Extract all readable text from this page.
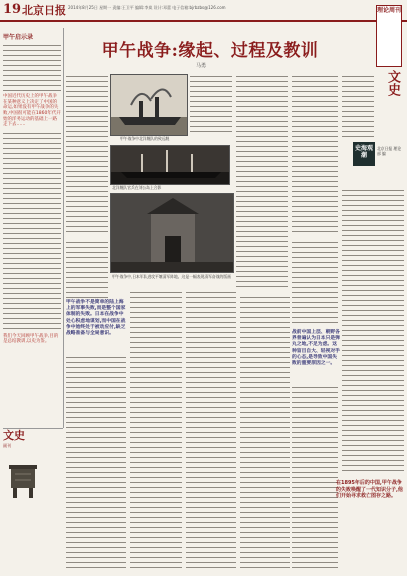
19 北京日报 2014年8月25日 星期一 责编:王卫平 编辑:李岚 设计:邓蕾 电子信箱:bjrbzbs@126.com	理论周刊
文史
甲午战争:缘起、过程及教训
马勇
甲午启示录
中国近代历史上的甲午战争在某种意义上决定了中国的命运,如果没有甲午战争的失败,中国很可能在1860年代开始的洋务运动的基础上一路走下去……
我们今天回顾甲午战争,目的是总结教训,以史为鉴。
甲午战争中北洋舰队的致远舰
北洋舰队官兵在刘公岛上合影
甲午战争中,日本军队进攻平壤清军阵地。这是一幅表现清军奋战的版画
史海观潮
北京日报 理论部 编
甲午战争不是简单的陆上海上的军事失败,而是整个国家体制的失败。日本在战争中处心积虑地谋划,而中国在战争中始终处于被动应付,缺乏战略准备与全局意识。	战前中国上层、朝野各界普遍认为日本只是弹丸之地,不足为虑。这种盲目自大、轻视对手的心态,是导致中国失败的重要原因之一。
在1895年后的中国,甲午战争的失败唤醒了一代知识分子,他们开始寻求救亡图存之路。
文史
副刊
